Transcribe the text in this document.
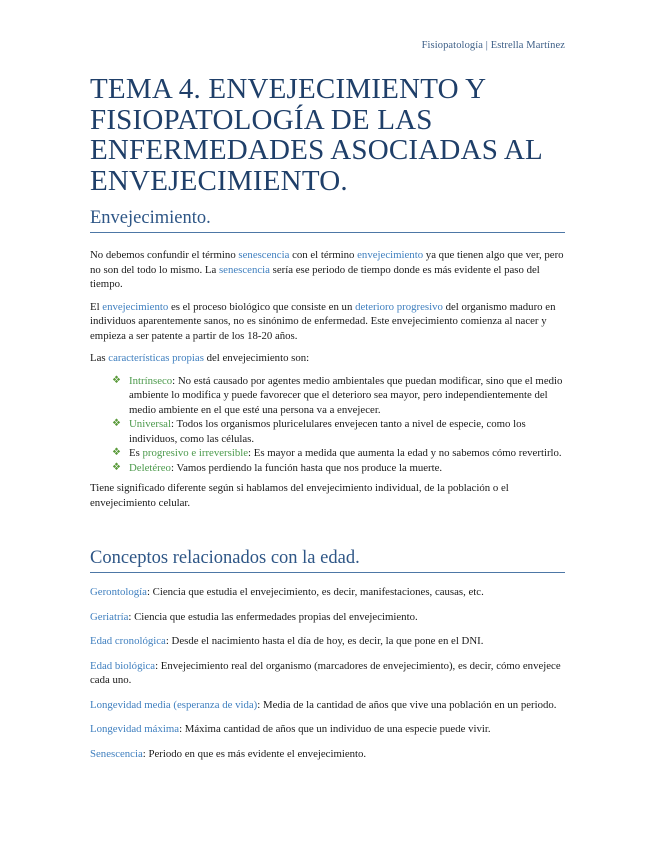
Fisiopatología | Estrella Martínez
TEMA 4. ENVEJECIMIENTO Y FISIOPATOLOGÍA DE LAS ENFERMEDADES ASOCIADAS AL ENVEJECIMIENTO.
Envejecimiento.

No debemos confundir el término senescencia con el término envejecimiento ya que tienen algo que ver, pero no son del todo lo mismo. La senescencia sería ese periodo de tiempo donde es más evidente el paso del tiempo.

El envejecimiento es el proceso biológico que consiste en un deterioro progresivo del organismo maduro en individuos aparentemente sanos, no es sinónimo de enfermedad. Este envejecimiento comienza al nacer y empieza a ser patente a partir de los 18-20 años.

Las características propias del envejecimiento son:

❖ Intrínseco: No está causado por agentes medio ambientales que puedan modificar, sino que el medio ambiente lo modifica y puede favorecer que el deterioro sea mayor, pero independientemente del medio ambiente en el que esté una persona va a envejecer.
❖ Universal: Todos los organismos pluricelulares envejecen tanto a nivel de especie, como los individuos, como las células.
❖ Es progresivo e irreversible: Es mayor a medida que aumenta la edad y no sabemos cómo revertirlo.
❖ Deletéreo: Vamos perdiendo la función hasta que nos produce la muerte.

Tiene significado diferente según si hablamos del envejecimiento individual, de la población o el envejecimiento celular.

Conceptos relacionados con la edad.

Gerontología: Ciencia que estudia el envejecimiento, es decir, manifestaciones, causas, etc.

Geriatría: Ciencia que estudia las enfermedades propias del envejecimiento.

Edad cronológica: Desde el nacimiento hasta el día de hoy, es decir, la que pone en el DNI.

Edad biológica: Envejecimiento real del organismo (marcadores de envejecimiento), es decir, cómo envejece cada uno.

Longevidad media (esperanza de vida): Media de la cantidad de años que vive una población en un periodo.

Longevidad máxima: Máxima cantidad de años que un individuo de una especie puede vivir.

Senescencia: Periodo en que es más evidente el envejecimiento.
